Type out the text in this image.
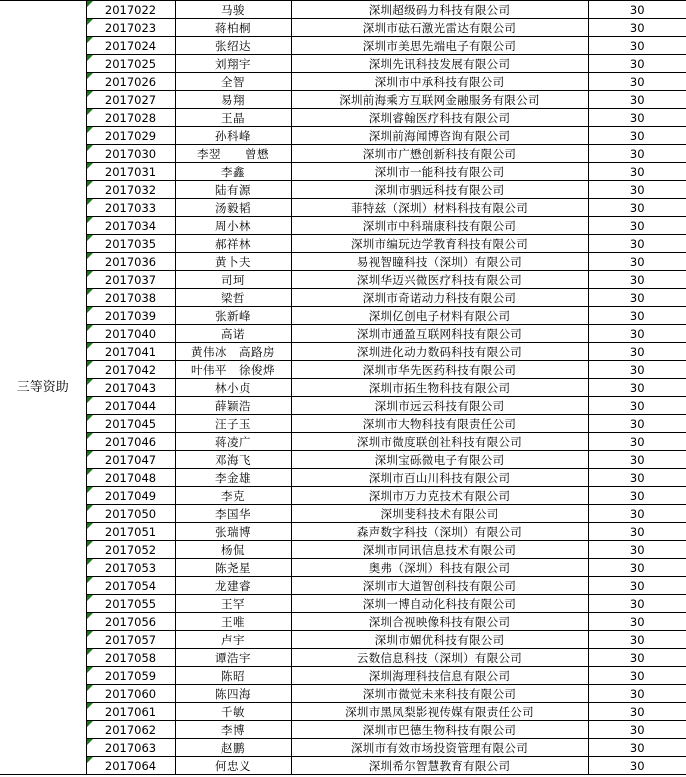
三等资助	2017022	马骏	深圳超级码力科技有限公司	30
	2017023	蒋柏桐	深圳市砝石激光雷达有限公司	30
	2017024	张绍达	深圳市美思先端电子有限公司	30
	2017025	刘翔宇	深圳先讯科技发展有限公司	30
	2017026	全智	深圳市中承科技有限公司	30
	2017027	易翔	深圳前海乘方互联网金融服务有限公司	30
	2017028	王晶	深圳睿翰医疗科技有限公司	30
	2017029	孙科峰	深圳前海闻博咨询有限公司	30
	2017030	李翌　　曾懋	深圳市广懋创新科技有限公司	30
	2017031	李鑫	深圳市一能科技有限公司	30
	2017032	陆有源	深圳市驷远科技有限公司	30
	2017033	汤毅韬	菲特兹（深圳）材料科技有限公司	30
	2017034	周小林	深圳市中科瑞康科技有限公司	30
	2017035	郝祥林	深圳市编玩边学教育科技有限公司	30
	2017036	黄卜夫	易视智瞳科技（深圳）有限公司	30
	2017037	司珂	深圳华迈兴微医疗科技有限公司	30
	2017038	梁哲	深圳市奇诺动力科技有限公司	30
	2017039	张新峰	深圳亿创电子材料有限公司	30
	2017040	高诺	深圳市通盈互联网科技有限公司	30
	2017041	黄伟冰　高路房	深圳进化动力数码科技有限公司	30
	2017042	叶伟平　徐俊烨	深圳市华先医药科技有限公司	30
	2017043	林小贞	深圳市拓生物科技有限公司	30
	2017044	薛颖浩	深圳市远云科技有限公司	30
	2017045	汪子玉	深圳市大物科技有限责任公司	30
	2017046	蒋凌广	深圳市微度联创社科技有限公司	30
	2017047	邓海飞	深圳宝砾微电子有限公司	30
	2017048	李金雄	深圳市百山川科技有限公司	30
	2017049	李克	深圳市万力克技术有限公司	30
	2017050	李国华	深圳斐科技术有限公司	30
	2017051	张瑞博	森声数字科技（深圳）有限公司	30
	2017052	杨侃	深圳市同讯信息技术有限公司	30
	2017053	陈尧星	奥弗（深圳）科技有限公司	30
	2017054	龙建睿	深圳市大道智创科技有限公司	30
	2017055	王罕	深圳一博自动化科技有限公司	30
	2017056	王唯	深圳合视映像科技有限公司	30
	2017057	卢宇	深圳市媚优科技有限公司	30
	2017058	谭浩宇	云数信息科技（深圳）有限公司	30
	2017059	陈昭	深圳海理科技信息有限公司	30
	2017060	陈四海	深圳市微觉未来科技有限公司	30
	2017061	千敏	深圳市黑凤梨影视传媒有限责任公司	30
	2017062	李博	深圳市巴德生物科技有限公司	30
	2017063	赵鹏	深圳市有效市场投资管理有限公司	30
	2017064	何忠义	深圳希尔智慧教育有限公司	30
